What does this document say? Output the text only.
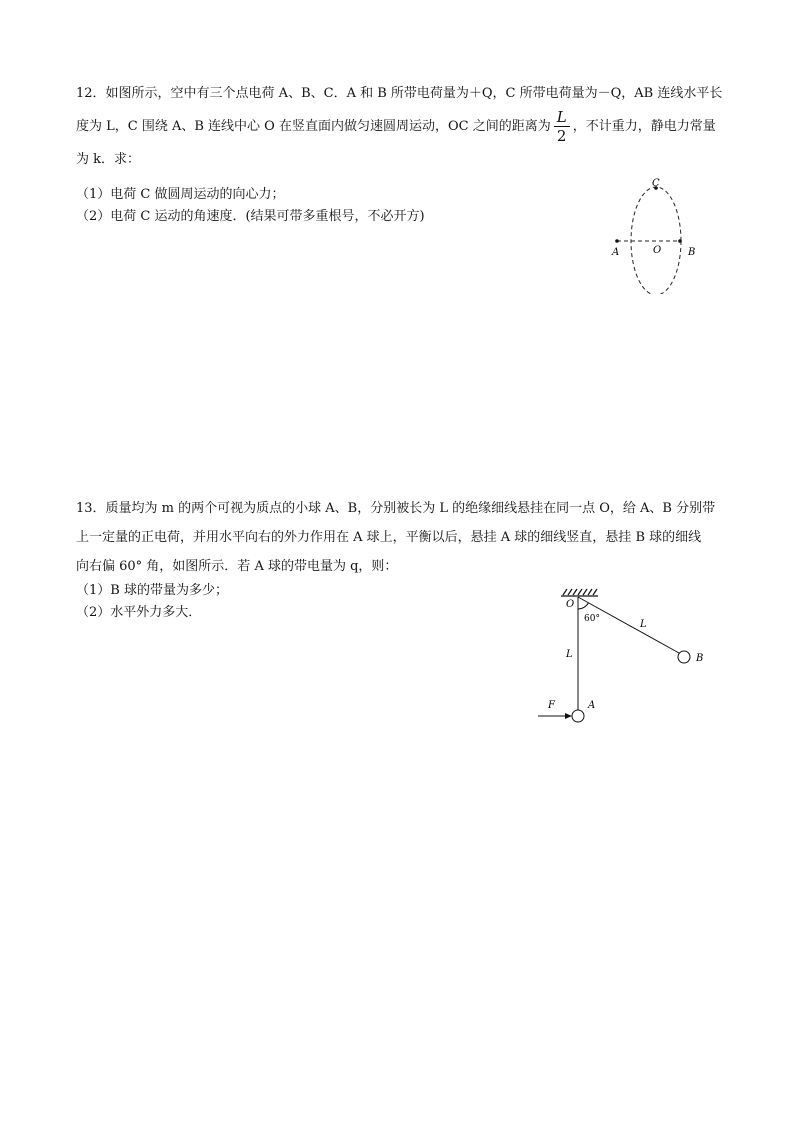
12．如图所示，空中有三个点电荷 A、B、C．A 和 B 所带电荷量为＋Q，C 所带电荷量为－Q，AB 连线水平长

度为 L，C 围绕 A、B 连线中心 O 在竖直面内做匀速圆周运动，OC 之间的距离为 $\frac{L}{2}$ ，不计重力，静电力常量

为 k．求：

（1）电荷 C 做圆周运动的向心力；
（2）电荷 C 运动的角速度．(结果可带多重根号，不必开方)
C
A	O	B

13．质量均为 m 的两个可视为质点的小球 A、B，分别被长为 L 的绝缘细线悬挂在同一点 O，给 A、B 分别带

上一定量的正电荷，并用水平向右的外力作用在 A 球上，平衡以后，悬挂 A 球的细线竖直，悬挂 B 球的细线

向右偏 60° 角，如图所示．若 A 球的带电量为 q，则：

（1）B 球的带量为多少；
（2）水平外力多大．
O
60°	L
L	B
A
F
